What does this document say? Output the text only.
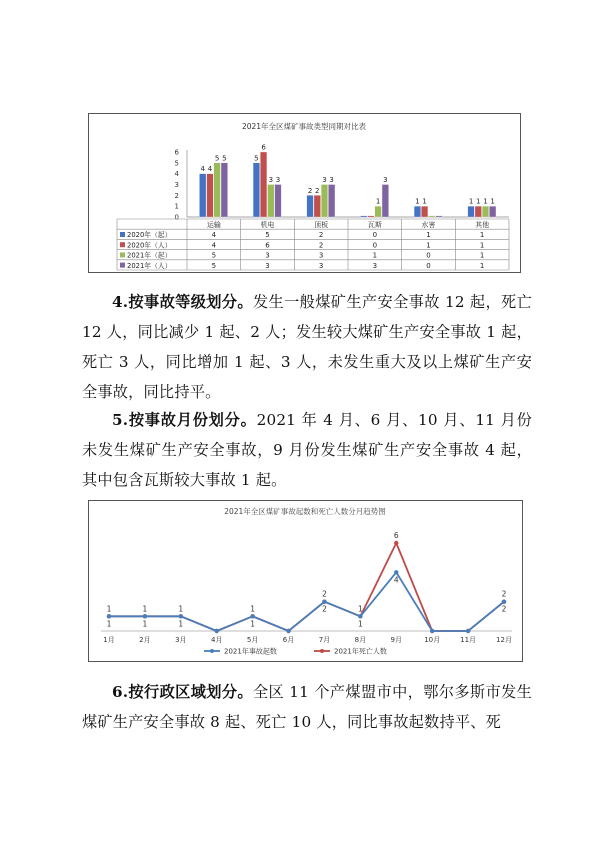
2021年全区煤矿事故类型同期对比表
0
1
2
3
4
5
6
4 4
5 5	5
6
3 3
2 2
3 3
1
3
1 1	1 1 1 1
运输	机电	顶板	瓦斯	水害	其他
2020年（起）	4	5	2	0	1	1
2020年（人）	4	6	2	0	1	1
2021年（起）	5	3	3	1	0	1
2021年（人）	5	3	3	3	0	1

4.按事故等级划分。发生一般煤矿生产安全事故 12 起，死亡 12 人，同比减少 1 起、2 人；发生较大煤矿生产安全事故 1 起，死亡 3 人，同比增加 1 起、3 人，未发生重大及以上煤矿生产安全事故，同比持平。

5.按事故月份划分。2021 年 4 月、6 月、10 月、11 月份未发生煤矿生产安全事故，9 月份发生煤矿生产安全事故 4 起，其中包含瓦斯较大事故 1 起。

2021年全区煤矿事故起数和死亡人数分月趋势图
1月	2月	3月	4月	5月	6月	7月	8月	9月	10月	11月	12月
1	1	1	1
2
1
6
2
1	1	1	1
2
1
4
2
2021年事故起数	2021年死亡人数

6.按行政区域划分。全区 11 个产煤盟市中，鄂尔多斯市发生煤矿生产安全事故 8 起、死亡 10 人，同比事故起数持平、死
